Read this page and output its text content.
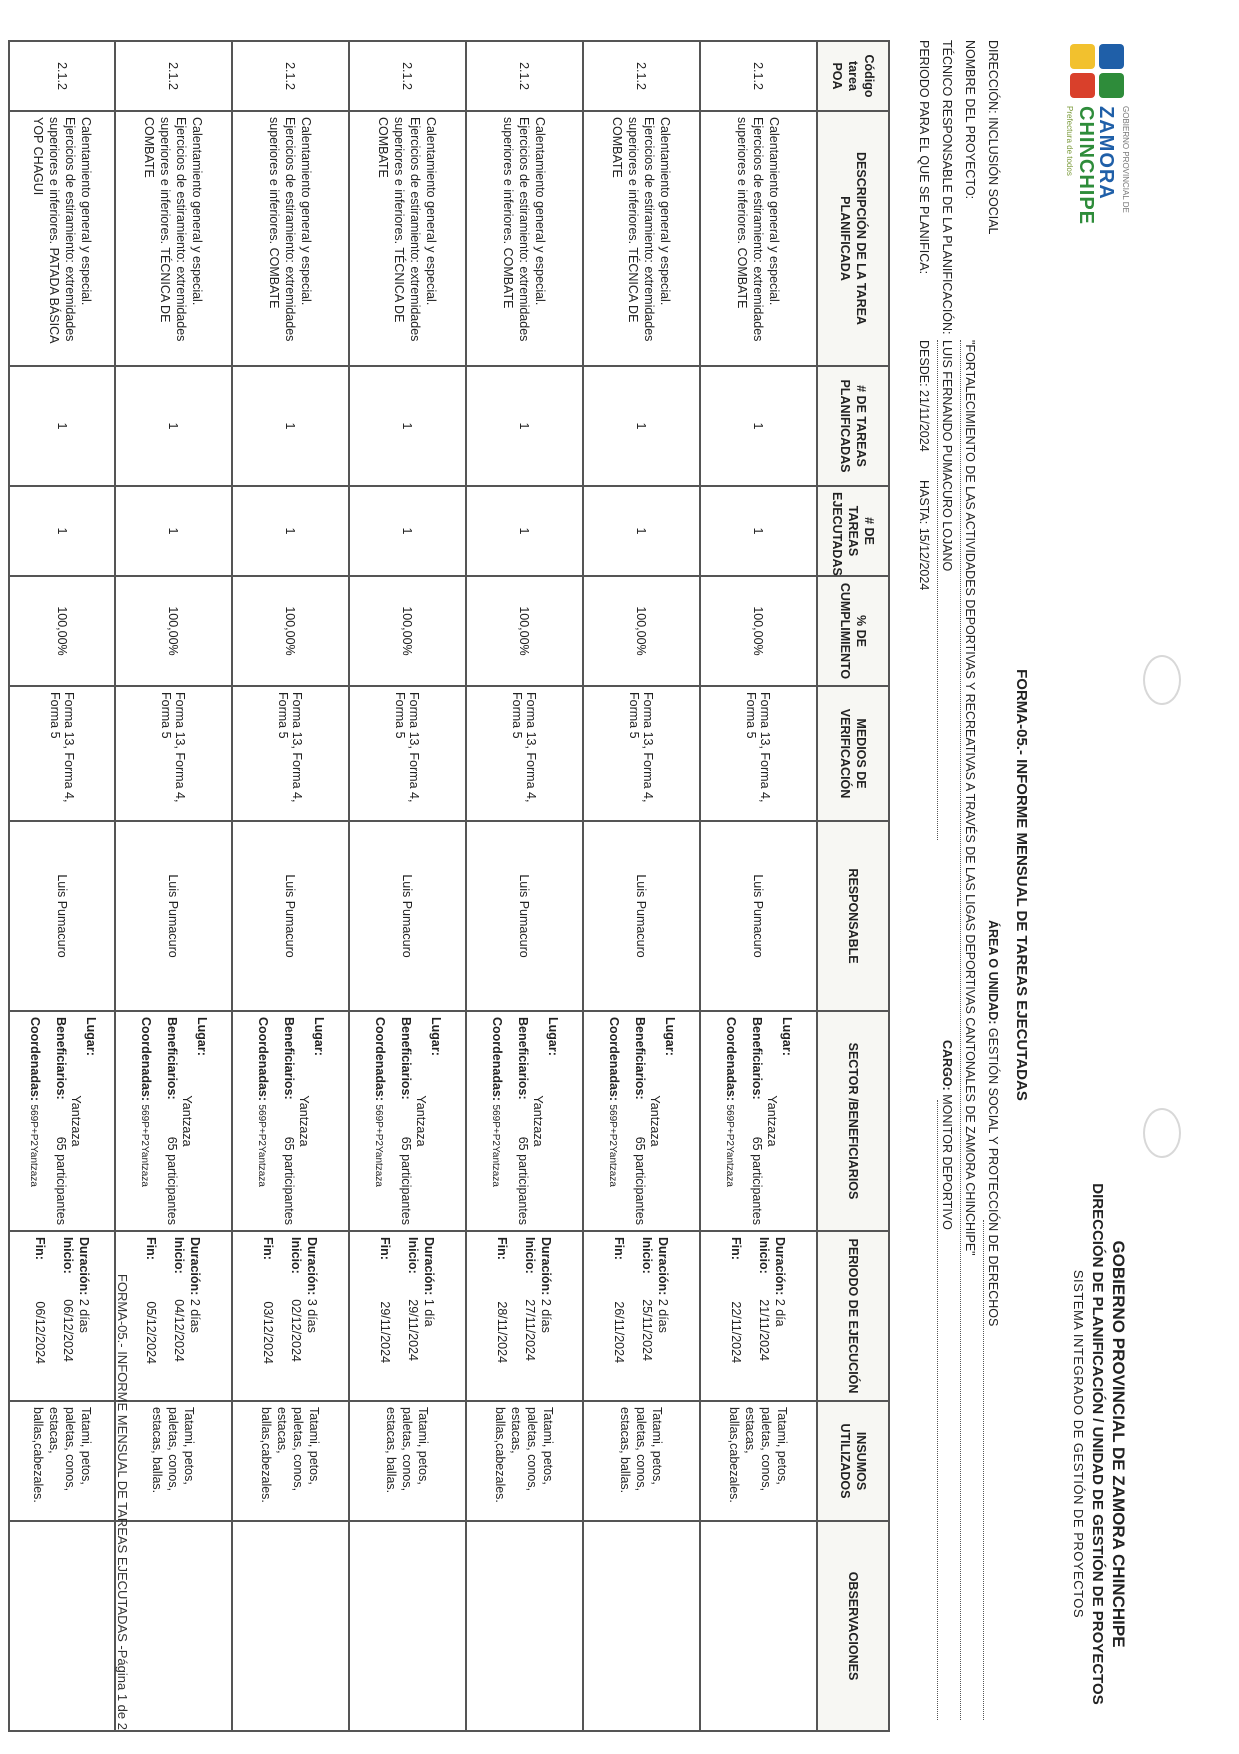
GOBIERNO PROVINCIAL DE
ZAMORA
CHINCHIPE
Prefectura de todos
GOBIERNO PROVINCIAL DE ZAMORA CHINCHIPE
DIRECCIÓN DE PLANIFICACIÓN / UNIDAD DE GESTIÓN DE PROYECTOS
SISTEMA INTEGRADO DE GESTIÓN DE PROYECTOS
FORMA-05.- INFORME MENSUAL DE TAREAS EJECUTADAS
DIRECCIÓN: INCLUSIÓN SOCIAL
ÁREA O UNIDAD: GESTIÓN SOCIAL Y PROTECCIÓN DE DERECHOS
NOMBRE DEL PROYECTO:
"FORTALECIMIENTO DE LAS ACTIVIDADES DEPORTIVAS Y RECREATIVAS A TRAVÉS DE LAS LIGAS DEPORTIVAS CANTONALES DE ZAMORA CHINCHIPE"
TÉCNICO RESPONSABLE DE LA PLANIFICACIÓN:
LUIS FERNANDO PUMACURO LOJANO
CARGO: MONITOR DEPORTIVO
PERIODO PARA EL QUE SE PLANIFICA:
DESDE: 21/11/2024
HASTA: 15/12/2024
Código tarea POA	DESCRIPCIÓN DE LA TAREA PLANIFICADA	# DE TAREAS PLANIFICADAS	# DE TAREAS EJECUTADAS	% DE CUMPLIMIENTO	MEDIOS DE VERIFICACIÓN	RESPONSABLE	SECTOR /BENEFICIARIOS	PERIODO DE EJECUCIÓN	INSUMOS UTILIZADOS	OBSERVACIONES
2.1.2	Calentamiento general y especial. Ejercicios de estiramiento: extremidades superiores e inferiores. COMBATE	1	1	100,00%	Forma 13, Forma 4, Forma 5	Luis Pumacuro	Lugar:
Yantzaza
Beneficiarios:
65 participantes
Coordenadas: 569P+P2Yantzaza	Duración: 2 día
Inicio: 21/11/2024
Fin: 22/11/2024	Tatami, petos, paletas, conos, estacas, ballas,cabezales.	
2.1.2	Calentamiento general y especial. Ejercicios de estiramiento: extremidades superiores e inferiores. TÉCNICA DE COMBATE	1	1	100,00%	Forma 13, Forma 4, Forma 5	Luis Pumacuro	Lugar:
Yantzaza
Beneficiarios:
65 participantes
Coordenadas: 569P+P2Yantzaza	Duración: 2 días
Inicio: 25/11/2024
Fin: 26/11/2024	Tatami, petos, paletas, conos, estacas, ballas.	
2.1.2	Calentamiento general y especial. Ejercicios de estiramiento: extremidades superiores e inferiores. COMBATE	1	1	100,00%	Forma 13, Forma 4, Forma 5	Luis Pumacuro	Lugar:
Yantzaza
Beneficiarios:
65 participantes
Coordenadas: 569P+P2Yantzaza	Duración: 2 días
Inicio: 27/11/2024
Fin: 28/11/2024	Tatami, petos, paletas, conos, estacas, ballas,cabezales.	
2.1.2	Calentamiento general y especial. Ejercicios de estiramiento: extremidades superiores e inferiores. TÉCNICA DE COMBATE	1	1	100,00%	Forma 13, Forma 4, Forma 5	Luis Pumacuro	Lugar:
Yantzaza
Beneficiarios:
65 participantes
Coordenadas: 569P+P2Yantzaza	Duración: 1 día
Inicio: 29/11/2024
Fin: 29/11/2024	Tatami, petos, paletas, conos, estacas, ballas.	
2.1.2	Calentamiento general y especial. Ejercicios de estiramiento: extremidades superiores e inferiores. COMBATE	1	1	100,00%	Forma 13, Forma 4, Forma 5	Luis Pumacuro	Lugar:
Yantzaza
Beneficiarios:
65 participantes
Coordenadas: 569P+P2Yantzaza	Duración: 3 días
Inicio: 02/12/2024
Fin: 03/12/2024	Tatami, petos, paletas, conos, estacas, ballas,cabezales.	
2.1.2	Calentamiento general y especial. Ejercicios de estiramiento: extremidades superiores e inferiores. TÉCNICA DE COMBATE	1	1	100,00%	Forma 13, Forma 4, Forma 5	Luis Pumacuro	Lugar:
Yantzaza
Beneficiarios:
65 participantes
Coordenadas: 569P+P2Yantzaza	Duración: 2 días
Inicio: 04/12/2024
Fin: 05/12/2024	Tatami, petos, paletas, conos, estacas, ballas.	
2.1.2	Calentamiento general y especial. Ejercicios de estiramiento: extremidades superiores e inferiores. PATADA BÁSICA YOP CHAGUI	1	1	100,00%	Forma 13, Forma 4, Forma 5	Luis Pumacuro	Lugar:
Yantzaza
Beneficiarios:
65 participantes
Coordenadas: 569P+P2Yantzaza	Duración: 2 días
Inicio: 06/12/2024
Fin: 06/12/2024	Tatami, petos, paletas, conos, estacas, ballas,cabezales.		FORMA-05.- INFORME MENSUAL DE TAREAS EJECUTADAS -Página 1 de 2
